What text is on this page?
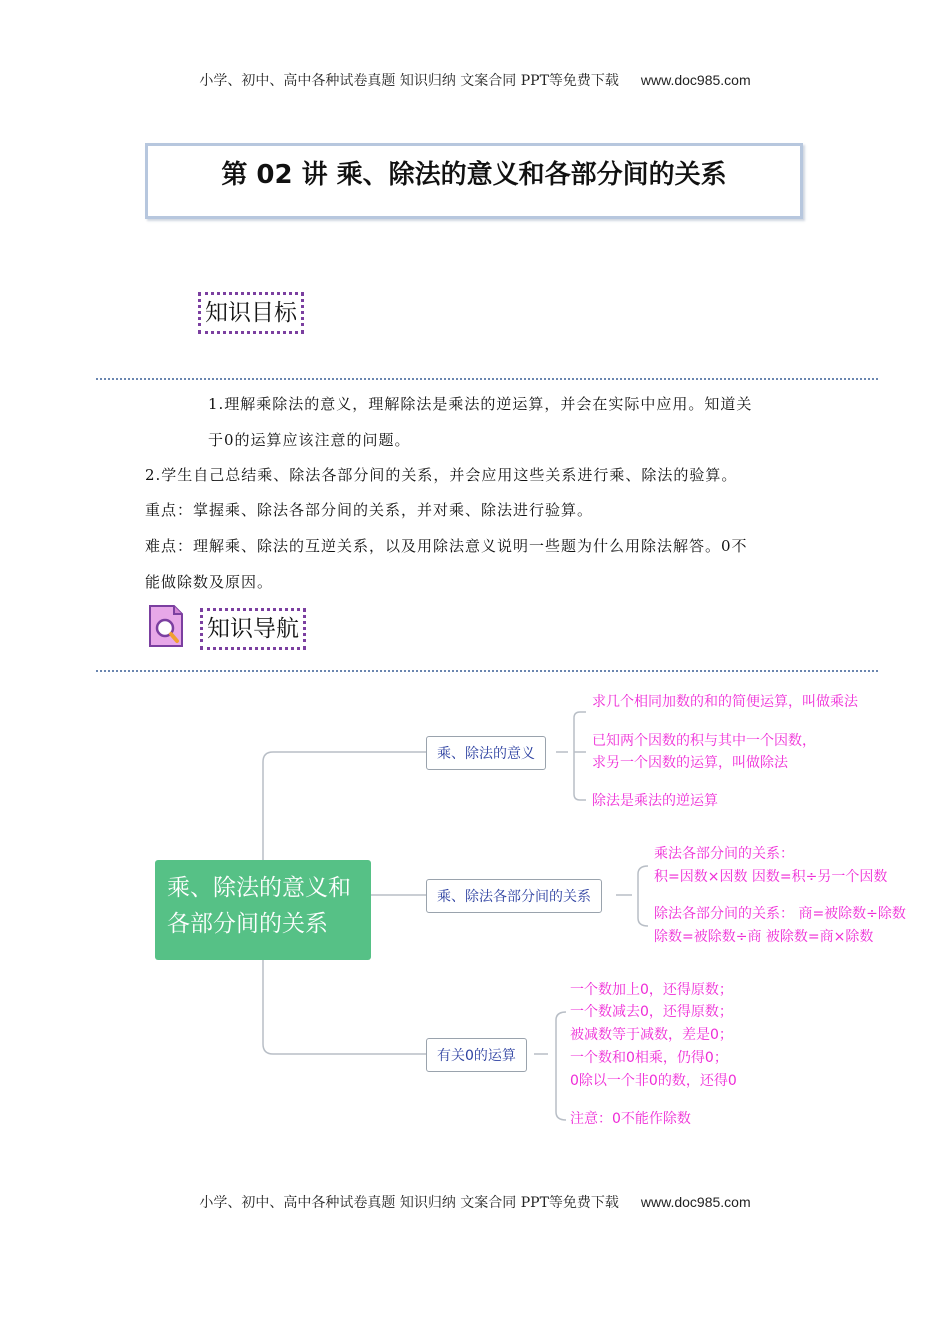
小学、初中、高中各种试卷真题 知识归纳 文案合同 PPT等免费下载 www.doc985.com
第 02 讲 乘、除法的意义和各部分间的关系
知识目标
1.理解乘除法的意义，理解除法是乘法的逆运算，并会在实际中应用。知道关
于0的运算应该注意的问题。
2.学生自己总结乘、除法各部分间的关系，并会应用这些关系进行乘、除法的验算。
重点：掌握乘、除法各部分间的关系，并对乘、除法进行验算。
难点：理解乘、除法的互逆关系，以及用除法意义说明一些题为什么用除法解答。0不
能做除数及原因。
知识导航
乘、除法的意义和
各部分间的关系
乘、除法的意义
求几个相同加数的和的简便运算，叫做乘法
已知两个因数的积与其中一个因数，
求另一个因数的运算，叫做除法
除法是乘法的逆运算
乘、除法各部分间的关系
乘法各部分间的关系：
积=因数×因数 因数=积÷另一个因数
除法各部分间的关系： 商=被除数÷除数
除数=被除数÷商 被除数=商×除数
有关0的运算
一个数加上0，还得原数；
一个数减去0，还得原数；
被减数等于减数，差是0；
一个数和0相乘，仍得0；
0除以一个非0的数，还得0
注意：0不能作除数
小学、初中、高中各种试卷真题 知识归纳 文案合同 PPT等免费下载 www.doc985.com
